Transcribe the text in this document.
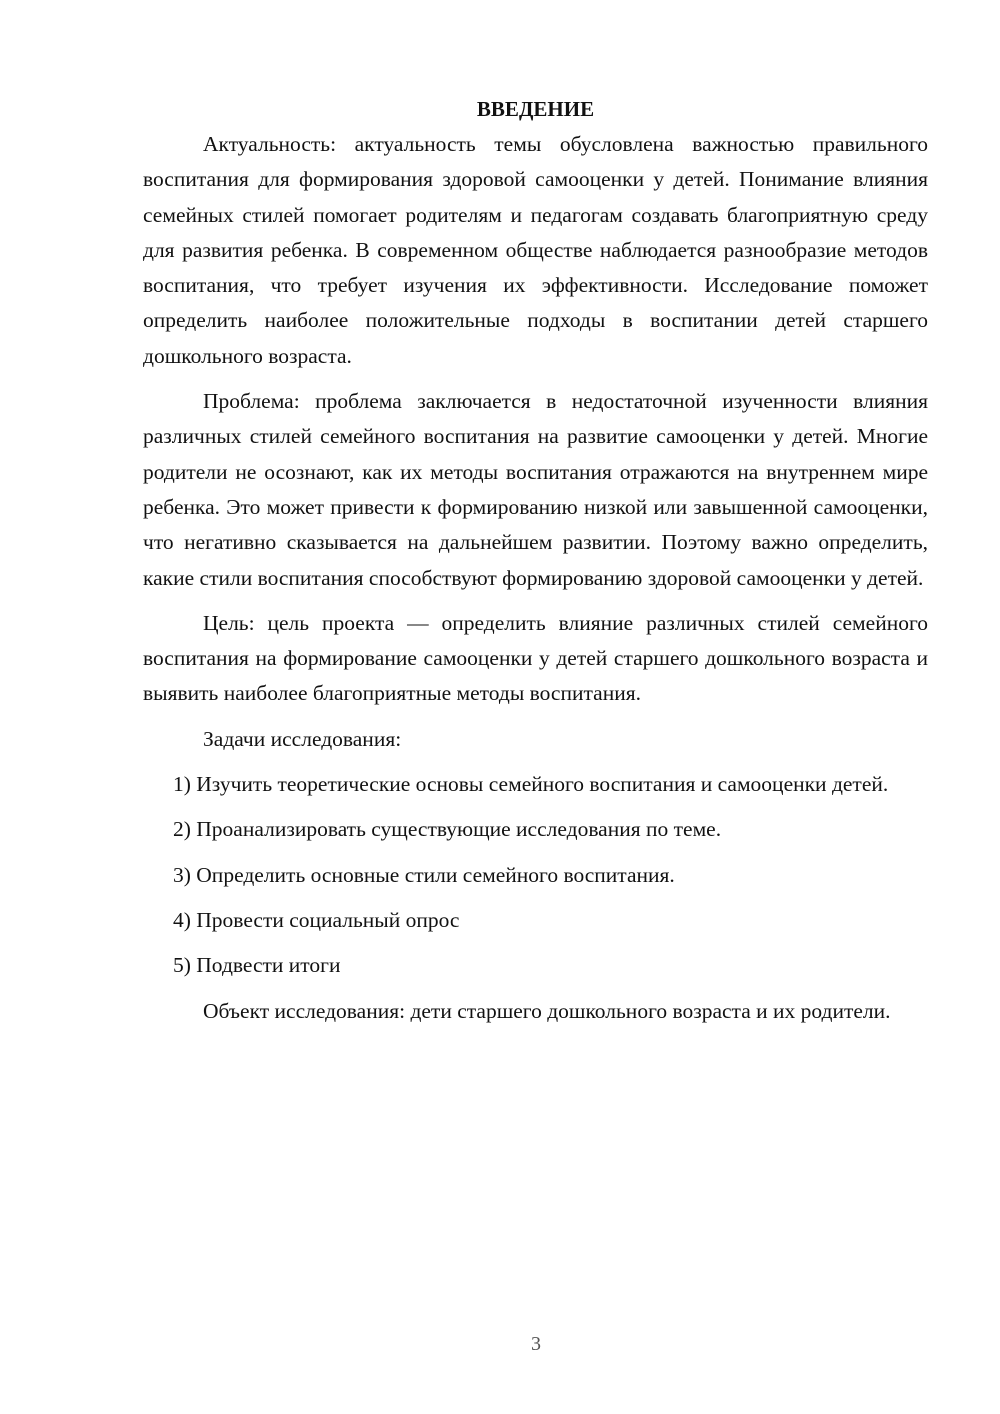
ВВЕДЕНИЕ

Актуальность: актуальность темы обусловлена важностью правильного воспитания для формирования здоровой самооценки у детей. Понимание влияния семейных стилей помогает родителям и педагогам создавать благоприятную среду для развития ребенка. В современном обществе наблюдается разнообразие методов воспитания, что требует изучения их эффективности. Исследование поможет определить наиболее положительные подходы в воспитании детей старшего дошкольного возраста.

Проблема: проблема заключается в недостаточной изученности влияния различных стилей семейного воспитания на развитие самооценки у детей. Многие родители не осознают, как их методы воспитания отражаются на внутреннем мире ребенка. Это может привести к формированию низкой или завышенной самооценки, что негативно сказывается на дальнейшем развитии. Поэтому важно определить, какие стили воспитания способствуют формированию здоровой самооценки у детей.

Цель: цель проекта — определить влияние различных стилей семейного воспитания на формирование самооценки у детей старшего дошкольного возраста и выявить наиболее благоприятные методы воспитания.

Задачи исследования:

1) Изучить теоретические основы семейного воспитания и самооценки детей.

2) Проанализировать существующие исследования по теме.

3) Определить основные стили семейного воспитания.

4) Провести социальный опрос

5) Подвести итоги

Объект исследования: дети старшего дошкольного возраста и их родители.

3
